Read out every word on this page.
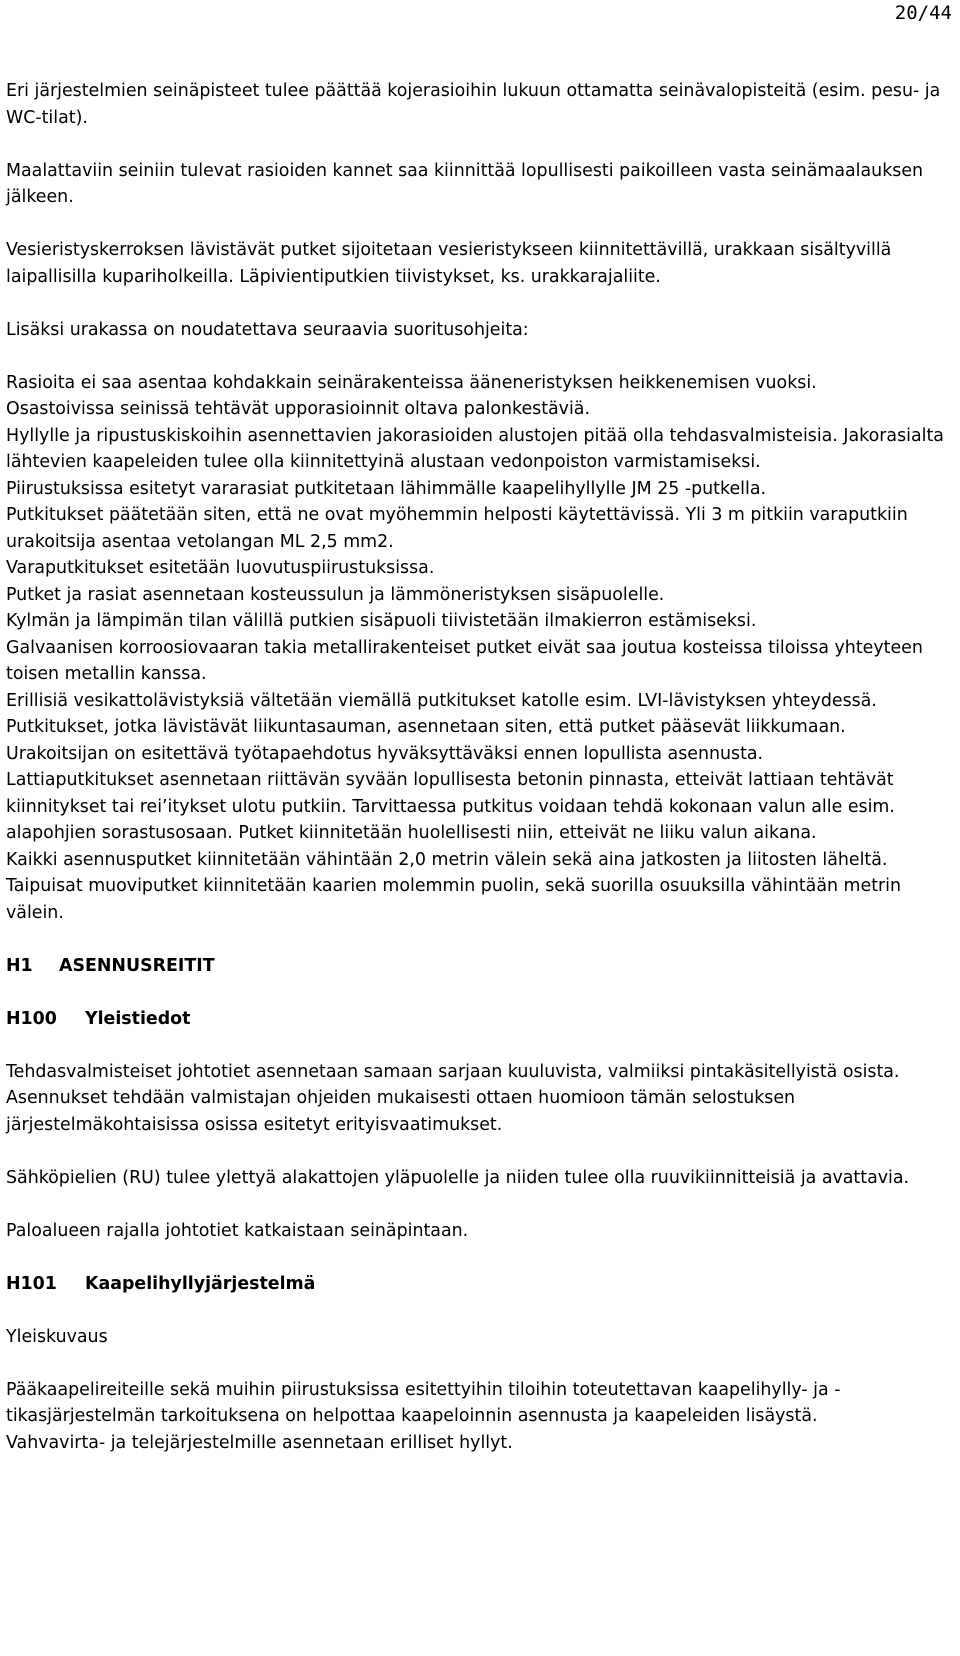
20/44

Eri järjestelmien seinäpisteet tulee päättää kojerasioihin lukuun ottamatta seinävalopisteitä (esim. pesu- ja WC-tilat).

Maalattaviin seiniin tulevat rasioiden kannet saa kiinnittää lopullisesti paikoilleen vasta seinämaalauksen jälkeen.

Vesieristyskerroksen lävistävät putket sijoitetaan vesieristykseen kiinnitettävillä, urakkaan sisältyvillä laipallisilla kupariholkeilla. Läpivientiputkien tiivistykset, ks. urakkarajaliite.

Lisäksi urakassa on noudatettava seuraavia suoritusohjeita:

Rasioita ei saa asentaa kohdakkain seinärakenteissa ääneneristyksen heikkenemisen vuoksi.

Osastoivissa seinissä tehtävät upporasioinnit oltava palonkestäviä.

Hyllylle ja ripustuskiskoihin asennettavien jakorasioiden alustojen pitää olla tehdasvalmisteisia. Jakorasialta lähtevien kaapeleiden tulee olla kiinnitettyinä alustaan vedonpoiston varmistamiseksi.

Piirustuksissa esitetyt vararasiat putkitetaan lähimmälle kaapelihyllylle JM 25 -putkella.

Putkitukset päätetään siten, että ne ovat myöhemmin helposti käytettävissä. Yli 3 m pitkiin varaputkiin urakoitsija asentaa vetolangan ML 2,5 mm2.

Varaputkitukset esitetään luovutuspiirustuksissa.

Putket ja rasiat asennetaan kosteussulun ja lämmöneristyksen sisäpuolelle.

Kylmän ja lämpimän tilan välillä putkien sisäpuoli tiivistetään ilmakierron estämiseksi.

Galvaanisen korroosiovaaran takia metallirakenteiset putket eivät saa joutua kosteissa tiloissa yhteyteen toisen metallin kanssa.

Erillisiä vesikattolävistyksiä vältetään viemällä putkitukset katolle esim. LVI-lävistyksen yhteydessä.

Putkitukset, jotka lävistävät liikuntasauman, asennetaan siten, että putket pääsevät liikkumaan. Urakoitsijan on esitettävä työtapaehdotus hyväksyttäväksi ennen lopullista asennusta.

Lattiaputkitukset asennetaan riittävän syvään lopullisesta betonin pinnasta, etteivät lattiaan tehtävät kiinnitykset tai rei’itykset ulotu putkiin. Tarvittaessa putkitus voidaan tehdä kokonaan valun alle esim. alapohjien sorastusosaan. Putket kiinnitetään huolellisesti niin, etteivät ne liiku valun aikana.

Kaikki asennusputket kiinnitetään vähintään 2,0 metrin välein sekä aina jatkosten ja liitosten läheltä.

Taipuisat muoviputket kiinnitetään kaarien molemmin puolin, sekä suorilla osuuksilla vähintään metrin välein.

H1	ASENNUSREITIT

H100	Yleistiedot

Tehdasvalmisteiset johtotiet asennetaan samaan sarjaan kuuluvista, valmiiksi pintakäsitellyistä osista. Asennukset tehdään valmistajan ohjeiden mukaisesti ottaen huomioon tämän selostuksen järjestelmäkohtaisissa osissa esitetyt erityisvaatimukset.

Sähköpielien (RU) tulee ylettyä alakattojen yläpuolelle ja niiden tulee olla ruuvikiinnitteisiä ja avattavia.

Paloalueen rajalla johtotiet katkaistaan seinäpintaan.

H101	Kaapelihyllyjärjestelmä

Yleiskuvaus

Pääkaapelireiteille sekä muihin piirustuksissa esitettyihin tiloihin toteutettavan kaapelihylly- ja -tikasjärjestelmän tarkoituksena on helpottaa kaapeloinnin asennusta ja kaapeleiden lisäystä.

Vahvavirta- ja telejärjestelmille asennetaan erilliset hyllyt.
